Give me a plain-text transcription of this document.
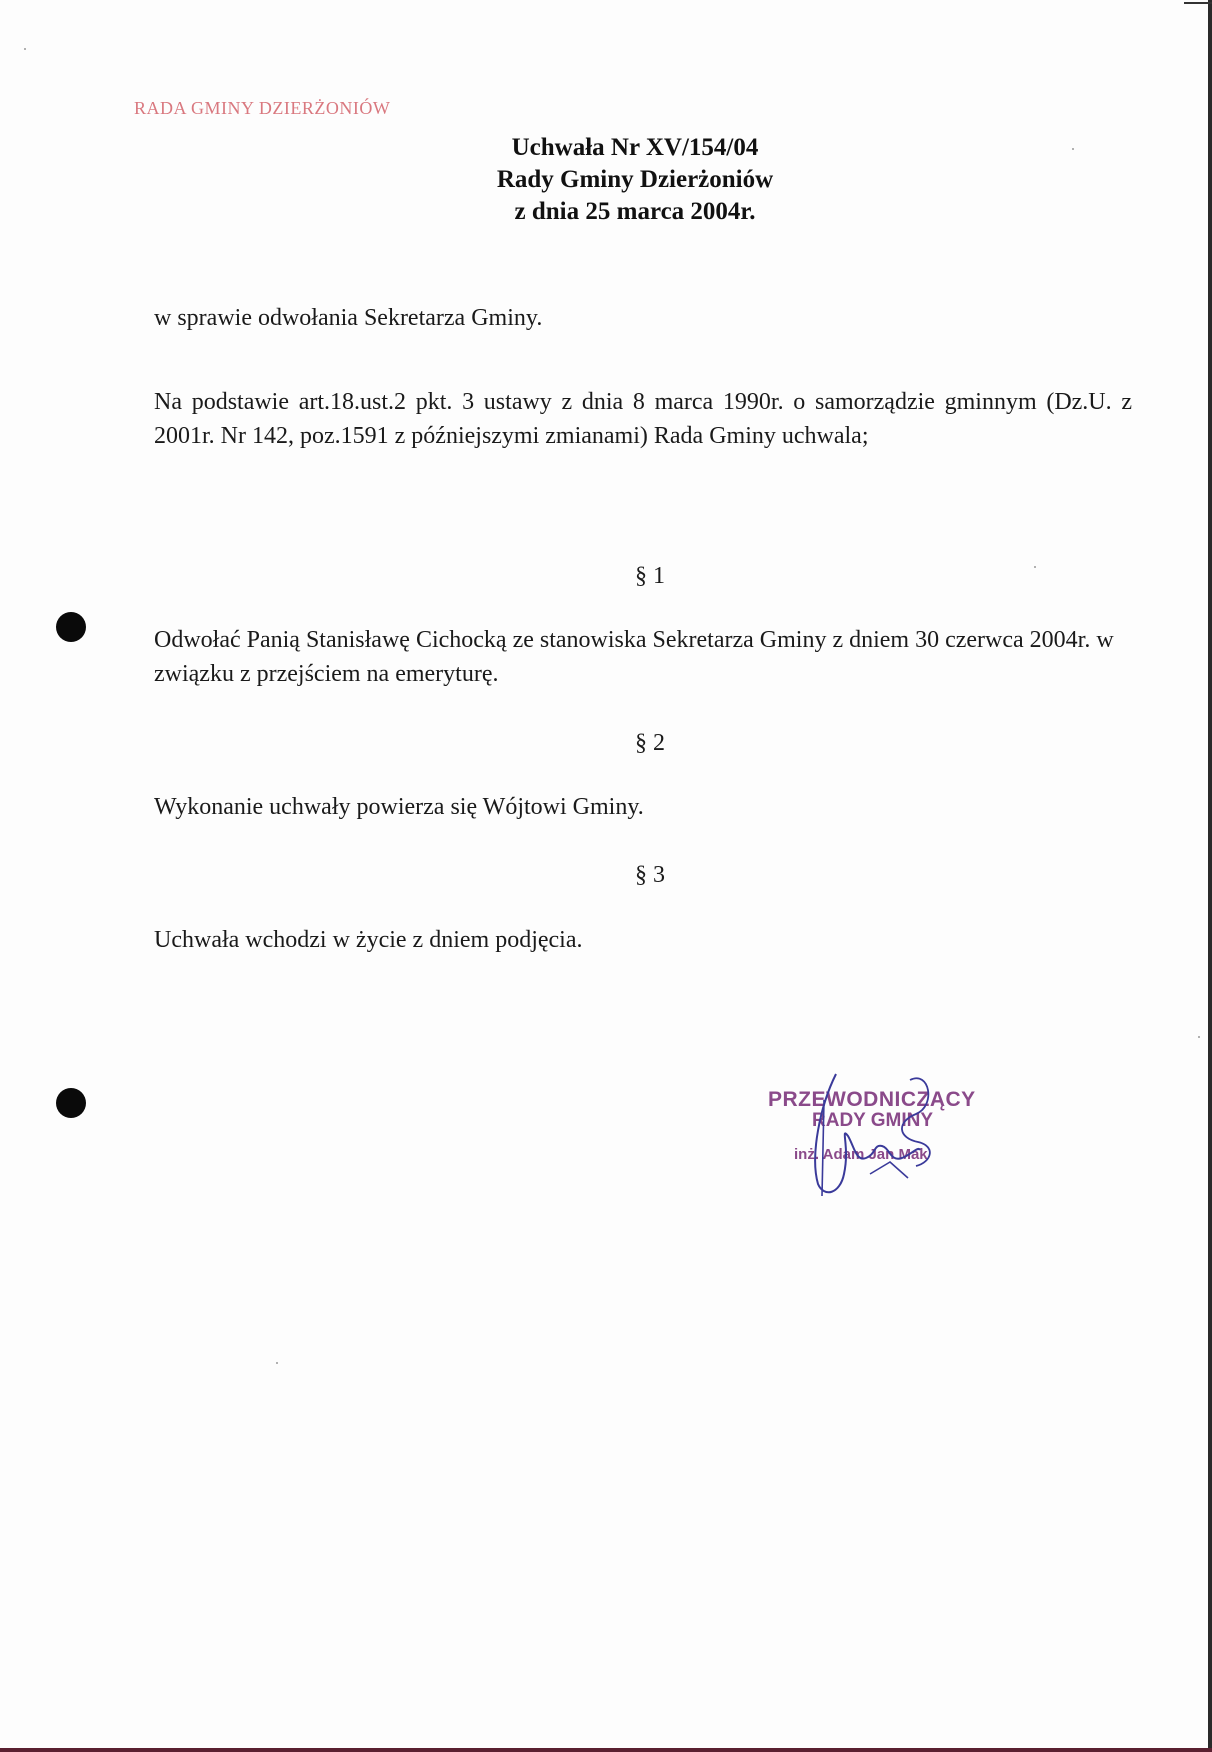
RADA GMINY DZIERŻONIÓW
Uchwała Nr XV/154/04
Rady Gminy Dzierżoniów
z dnia 25 marca 2004r.
w sprawie odwołania Sekretarza Gminy.
Na podstawie art.18.ust.2 pkt. 3 ustawy z dnia 8 marca 1990r. o samorządzie gminnym (Dz.U. z 2001r. Nr 142, poz.1591 z późniejszymi zmianami) Rada Gminy uchwala;
§ 1
Odwołać Panią Stanisławę Cichocką ze stanowiska Sekretarza Gminy z dniem 30 czerwca 2004r. w związku z przejściem na emeryturę.
§ 2
Wykonanie uchwały powierza się Wójtowi Gminy.
§ 3
Uchwała wchodzi w życie z dniem podjęcia.
PRZEWODNICZĄCY
RADY GMINY
inż. Adam Jan Mak
